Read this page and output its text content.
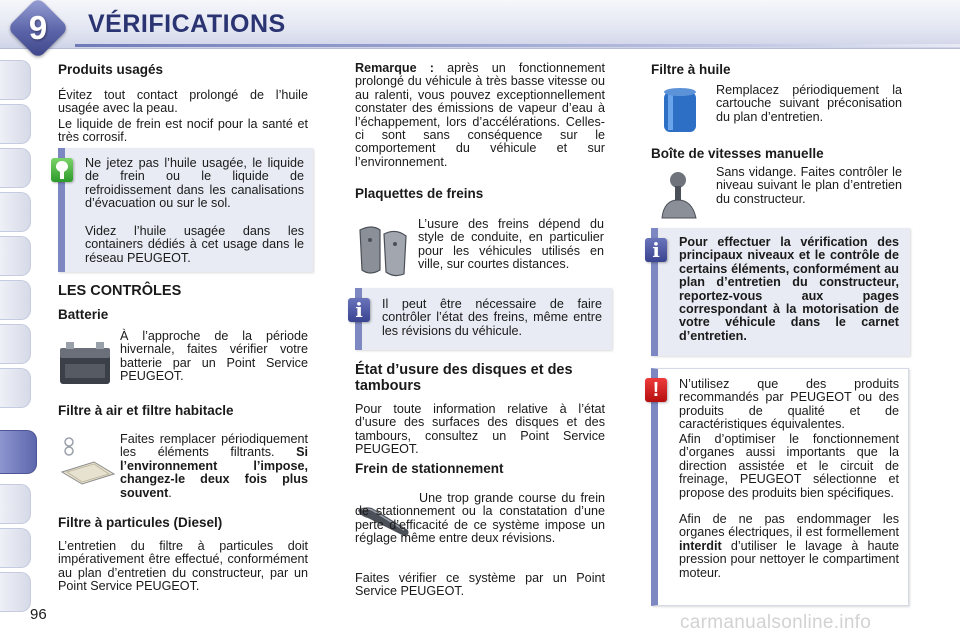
9	VÉRIFICATIONS
Produits usagés
Évitez tout contact prolongé de l’huile usagée avec la peau.
Le liquide de frein est nocif pour la santé et très corrosif.
Ne jetez pas l’huile usagée, le liquide de frein ou le liquide de refroidissement dans les canalisations d’évacuation ou sur le sol.
Videz l’huile usagée dans les containers dédiés à cet usage dans le réseau PEUGEOT.
LES CONTRÔLES
Batterie
À l’approche de la période hivernale, faites vérifier votre batterie par un Point Service PEUGEOT.
Filtre à air et filtre habitacle
Faites remplacer périodiquement les éléments filtrants. Si l’environnement l’impose, changez-le deux fois plus souvent.
Filtre à particules (Diesel)
L’entretien du filtre à particules doit impérativement être effectué, conformément au plan d’entretien du constructeur, par un Point Service PEUGEOT.
Remarque : après un fonctionnement prolongé du véhicule à très basse vitesse ou au ralenti, vous pouvez exceptionnellement constater des émissions de vapeur d’eau à l’échappement, lors d’accélérations. Celles-ci sont sans conséquence sur le comportement du véhicule et sur l’environnement.
Plaquettes de freins
L’usure des freins dépend du style de conduite, en particulier pour les véhicules utilisés en ville, sur courtes distances.
i	Il peut être nécessaire de faire contrôler l’état des freins, même entre les révisions du véhicule.
État d’usure des disques et des tambours
Pour toute information relative à l’état d’usure des surfaces des disques et des tambours, consultez un Point Service PEUGEOT.
Frein de stationnement
Une trop grande course du frein de stationnement ou la constatation d’une perte d’efficacité de ce système impose un réglage même entre deux révisions.
Faites vérifier ce système par un Point Service PEUGEOT.
Filtre à huile
Remplacez périodiquement la cartouche suivant préconisation du plan d’entretien.
Boîte de vitesses manuelle
Sans vidange. Faites contrôler le niveau suivant le plan d’entretien du constructeur.
i	Pour effectuer la vérification des principaux niveaux et le contrôle de certains éléments, conformément au plan d’entretien du constructeur, reportez-vous aux pages correspondant à la motorisation de votre véhicule dans le carnet d’entretien.
!	N’utilisez que des produits recommandés par PEUGEOT ou des produits de qualité et de caractéristiques équivalentes.
Afin d’optimiser le fonctionnement d’organes aussi importants que la direction assistée et le circuit de freinage, PEUGEOT sélectionne et propose des produits bien spécifiques.
Afin de ne pas endommager les organes électriques, il est formellement interdit d’utiliser le lavage à haute pression pour nettoyer le compartiment moteur.
96	carmanualsonline.info
